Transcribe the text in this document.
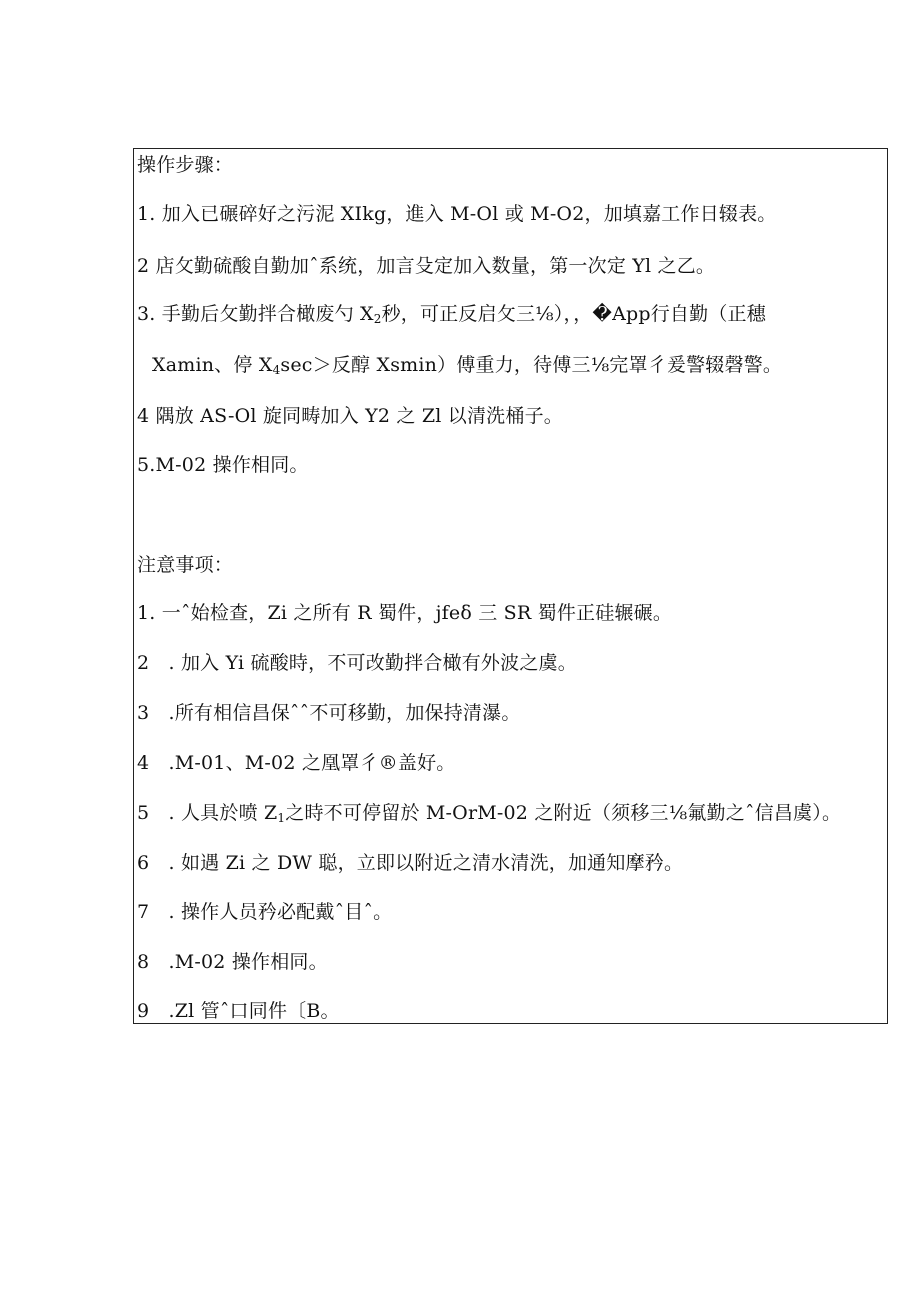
操作步骤：
1. 加入已碾碎好之污泥 XIkg，進入 M-Ol 或 M-O2，加填嘉工作日辍表。
2 店攵勤硫酸自勤加ˆ系统，加言殳定加入数量，第一次定 Yl 之乙。
3. 手勤后攵勤拌合橄废勺 $X_2$秒，可正反启攵三⅛），，�App行自勤（正穗
Xamin、停 $X_4\sec>$反醇 Xsmin）傅重力，待傅三⅛完罩彳爰警辍磬警。
4 隅放 AS-Ol 旋同畴加入 Y2 之 Zl 以清洗桶子。
5.M-02 操作相同。
注意事项：
1. 一ˆ始检查，Zi 之所有 R 蜀件，jfeδ 三 SR 蜀件正硅辗碾。
2　. 加入 Yi 硫酸時，不可改勤拌合橄有外波之虞。
3　.所有相信昌保ˆˆ不可移勤，加保持清瀑。
4　.M-01、M-02 之凰罩彳®盖好。
5　. 人具於喷 $Z_1$之時不可停留於 M-OrM-02 之附近（须移三⅛氟勤之ˆ信昌虞）。
6　. 如遇 Zi 之 DW 聪，立即以附近之清水清洗，加通知摩矜。
7　. 操作人员矜必配戴ˆ目ˆ。
8　.M-02 操作相同。
9　.Zl 管ˆ口同件〔B。
